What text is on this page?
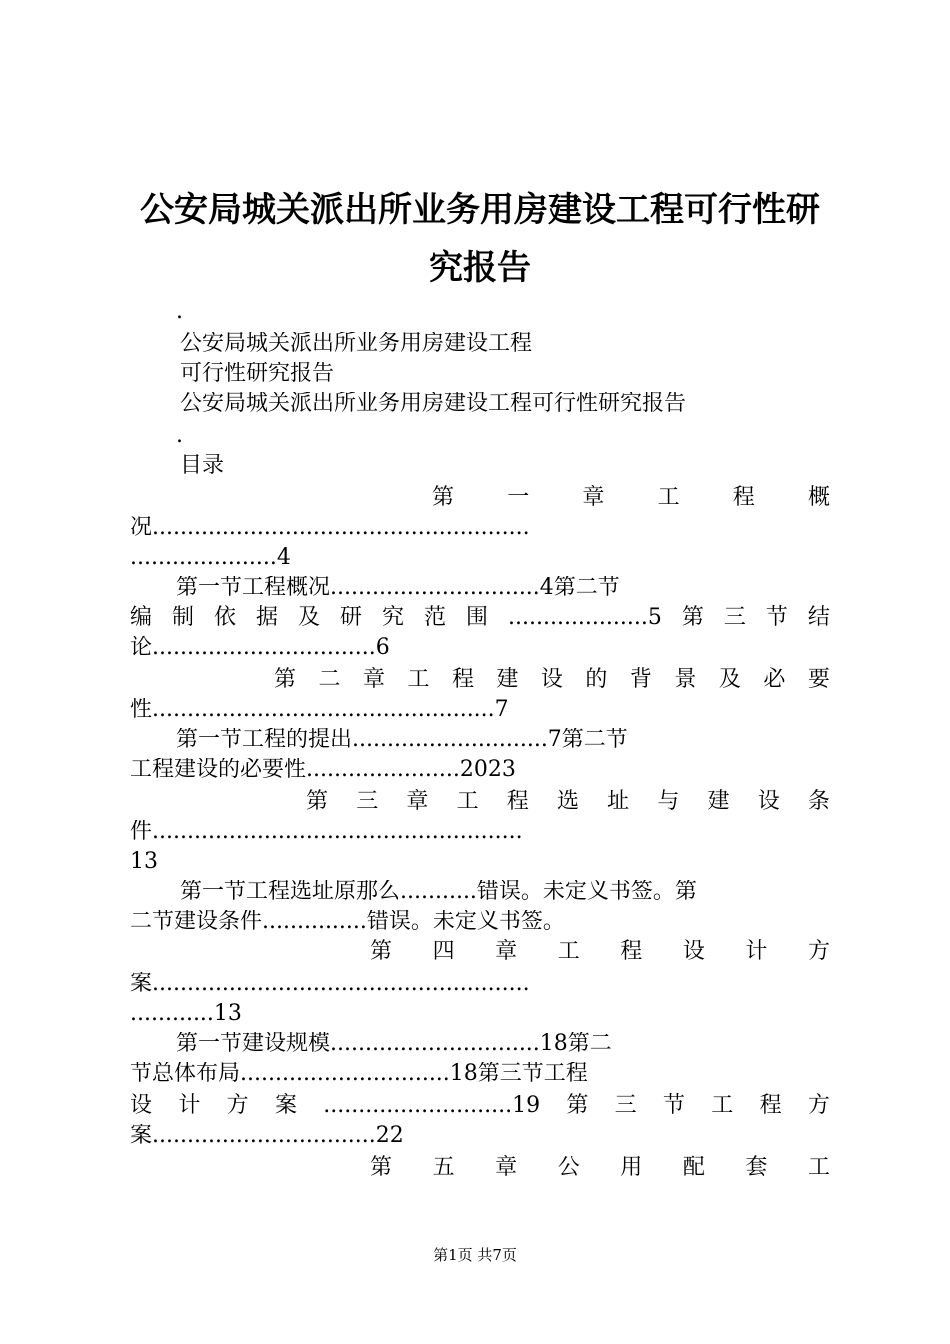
公安局城关派出所业务用房建设工程可行性研
究报告
.
公安局城关派出所业务用房建设工程
可行性研究报告
公安局城关派出所业务用房建设工程可行性研究报告
.
目录
第 一 章 工 程 概
况......................................................
.....................4
第一节工程概况..............................4第二节
编 制 依 据 及 研 究 范 围 ....................5 第 三 节 结
论................................6
第 二 章 工 程 建 设 的 背 景 及 必 要
性.................................................7
第一节工程的提出............................7第二节
工程建设的必要性......................2023
第 三 章 工 程 选 址 与 建 设 条
件.....................................................
13
第一节工程选址原那么...........错误。未定义书签。第
二节建设条件...............错误。未定义书签。
第 四 章 工 程 设 计 方
案......................................................
............13
第一节建设规模..............................18第二
节总体布局..............................18第三节工程
设 计 方 案 ...........................19 第 三 节 工 程 方
案................................22
第 五 章 公 用 配 套 工
第1页 共7页
